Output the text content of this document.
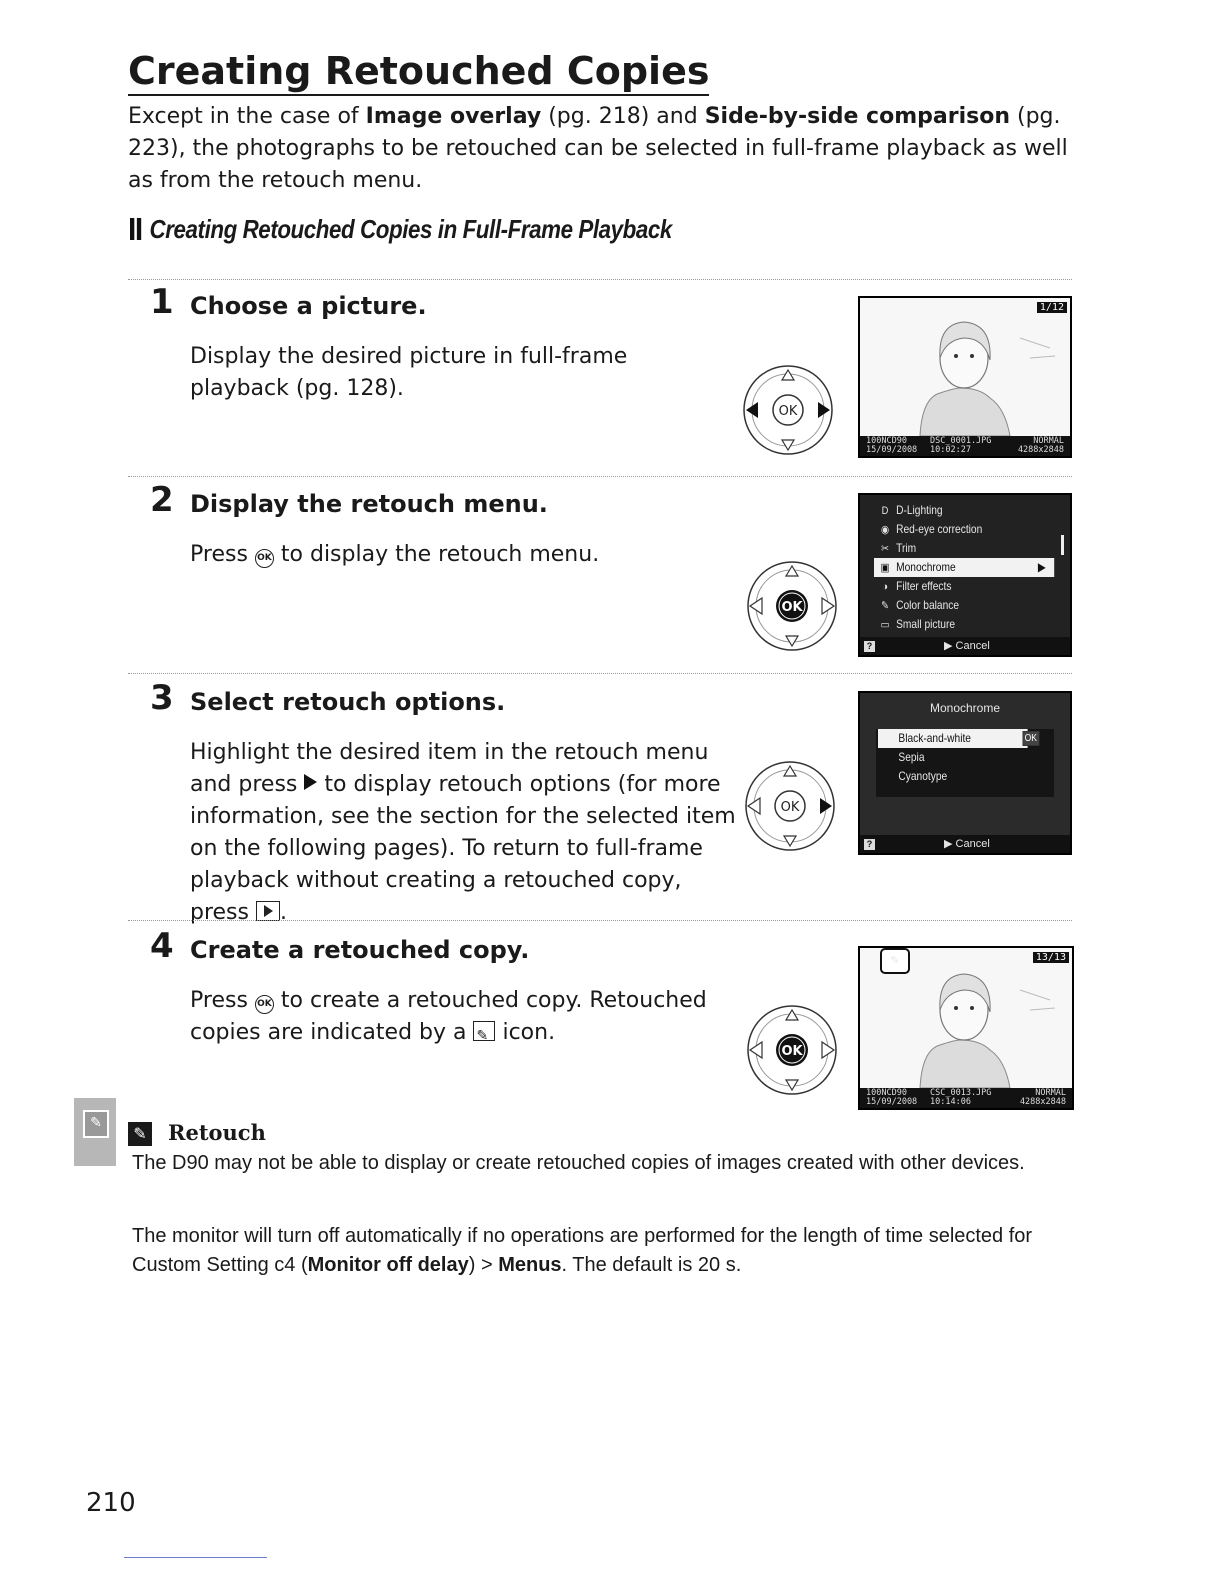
Creating Retouched Copies

Except in the case of Image overlay (pg. 218) and Side-by-side comparison (pg. 223), the photographs to be retouched can be selected in full-frame playback as well as from the retouch menu.

Creating Retouched Copies in Full-Frame Playback
1 Choose a picture.

Display the desired picture in full-frame playback (pg. 128).

OK
1/12
100NCD90	DSC_0001.JPG	NORMAL
15/09/2008 10:02:27	4288x2848
2 Display the retouch menu.

Press OK to display the retouch menu.

OK
D D-Lighting
◉ Red-eye correction
✂ Trim
▣ Monochrome	▶
◑ Filter effects
✎ Color balance
▭ Small picture
?	▶︎ Cancel
3 Select retouch options.

Highlight the desired item in the retouch menu and press  to display retouch options (for more information, see the section for the selected item on the following pages). To return to full-frame playback without creating a retouched copy, press .

OK
Monochrome
Black-and-white	OK
Sepia
Cyanotype
?	▶︎ Cancel
4 Create a retouched copy.

Press OK to create a retouched copy. Retouched copies are indicated by a ✎ icon.

OK
✎	13/13
100NCD90	CSC_0013.JPG	NORMAL
15/09/2008 10:14:06	4288x2848
✎
✎ Retouch

The D90 may not be able to display or create retouched copies of images created with other devices.

The monitor will turn off automatically if no operations are performed for the length of time selected for Custom Setting c4 (Monitor off delay) > Menus. The default is 20 s.

210
